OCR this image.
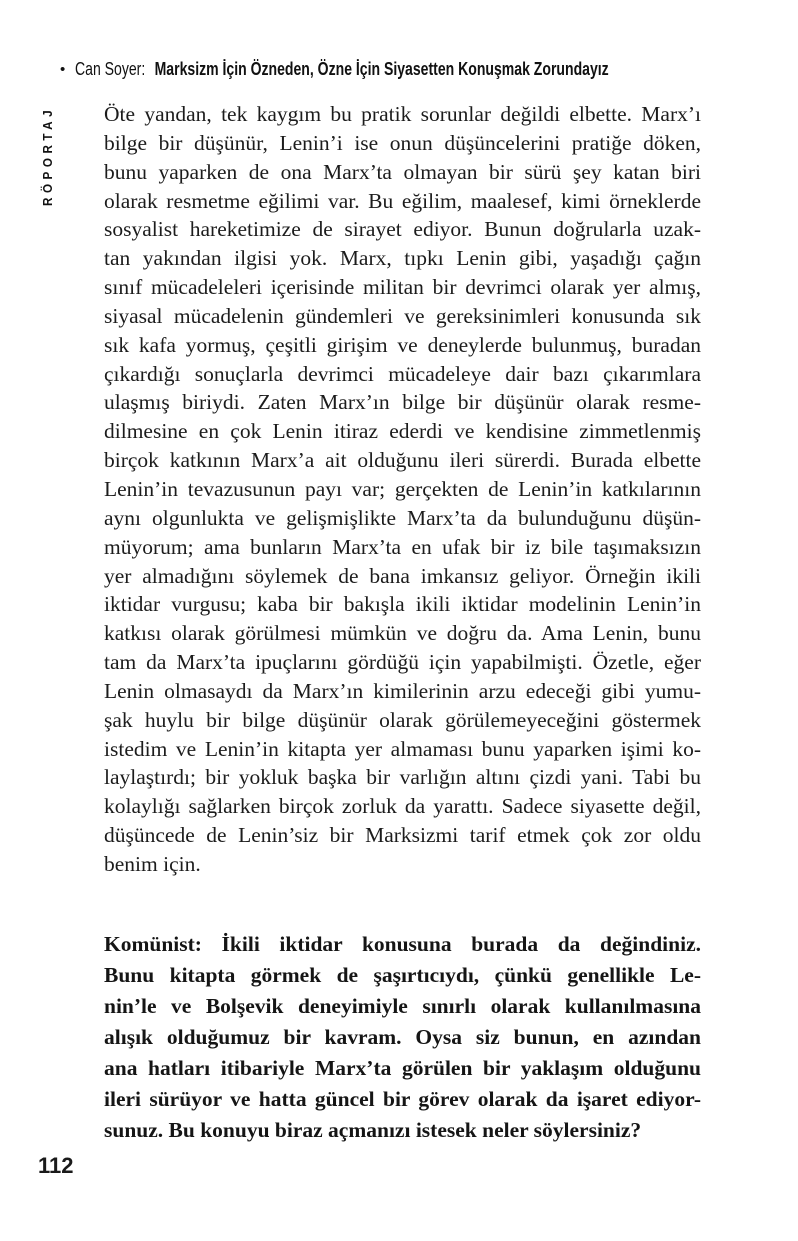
• Can Soyer: Marksizm İçin Özneden, Özne İçin Siyasetten Konuşmak Zorundayız
RÖPORTAJ Öte yandan, tek kaygım bu pratik sorunlar değildi elbette. Marx’ı
bilge bir düşünür, Lenin’i ise onun düşüncelerini pratiğe döken,
bunu yaparken de ona Marx’ta olmayan bir sürü şey katan biri
olarak resmetme eğilimi var. Bu eğilim, maalesef, kimi örneklerde
sosyalist hareketimize de sirayet ediyor. Bunun doğrularla uzak-
tan yakından ilgisi yok. Marx, tıpkı Lenin gibi, yaşadığı çağın
sınıf mücadeleleri içerisinde militan bir devrimci olarak yer almış,
siyasal mücadelenin gündemleri ve gereksinimleri konusunda sık
sık kafa yormuş, çeşitli girişim ve deneylerde bulunmuş, buradan
çıkardığı sonuçlarla devrimci mücadeleye dair bazı çıkarımlara
ulaşmış biriydi. Zaten Marx’ın bilge bir düşünür olarak resme-
dilmesine en çok Lenin itiraz ederdi ve kendisine zimmetlenmiş
birçok katkının Marx’a ait olduğunu ileri sürerdi. Burada elbette
Lenin’in tevazusunun payı var; gerçekten de Lenin’in katkılarının
aynı olgunlukta ve gelişmişlikte Marx’ta da bulunduğunu düşün-
müyorum; ama bunların Marx’ta en ufak bir iz bile taşımaksızın
yer almadığını söylemek de bana imkansız geliyor. Örneğin ikili
iktidar vurgusu; kaba bir bakışla ikili iktidar modelinin Lenin’in
katkısı olarak görülmesi mümkün ve doğru da. Ama Lenin, bunu
tam da Marx’ta ipuçlarını gördüğü için yapabilmişti. Özetle, eğer
Lenin olmasaydı da Marx’ın kimilerinin arzu edeceği gibi yumu-
şak huylu bir bilge düşünür olarak görülemeyeceğini göstermek
istedim ve Lenin’in kitapta yer almaması bunu yaparken işimi ko-
laylaştırdı; bir yokluk başka bir varlığın altını çizdi yani. Tabi bu
kolaylığı sağlarken birçok zorluk da yarattı. Sadece siyasette değil,
düşüncede de Lenin’siz bir Marksizmi tarif etmek çok zor oldu
benim için.
Komünist: İkili iktidar konusuna burada da değindiniz.
Bunu kitapta görmek de şaşırtıcıydı, çünkü genellikle Le-
nin’le ve Bolşevik deneyimiyle sınırlı olarak kullanılmasına
alışık olduğumuz bir kavram. Oysa siz bunun, en azından
ana hatları itibariyle Marx’ta görülen bir yaklaşım olduğunu
ileri sürüyor ve hatta güncel bir görev olarak da işaret ediyor-
sunuz. Bu konuyu biraz açmanızı istesek neler söylersiniz?
112
